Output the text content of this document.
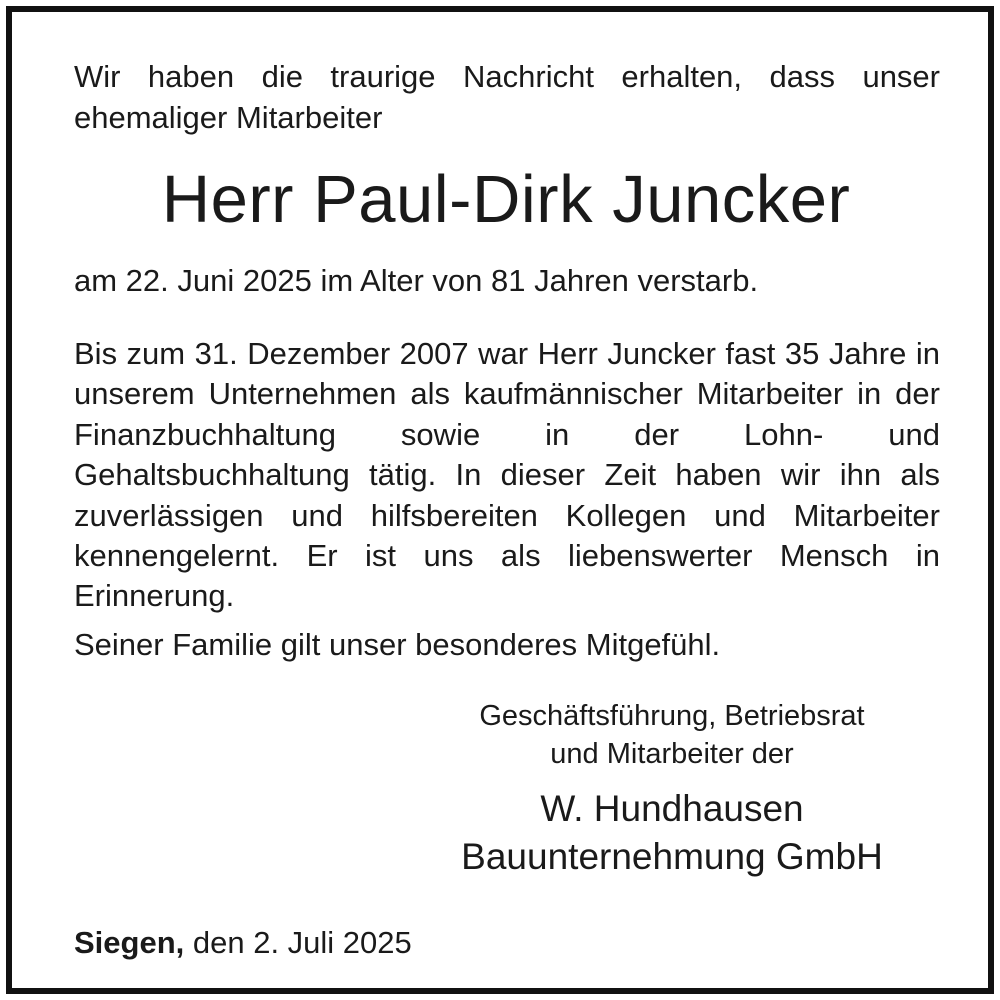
Wir haben die traurige Nachricht erhalten, dass unser
ehemaliger Mitarbeiter

Herr Paul-Dirk Juncker

am 22. Juni 2025 im Alter von 81 Jahren verstarb.

Bis zum 31. Dezember 2007 war Herr Juncker fast 35 Jahre in unserem Unternehmen als kaufmännischer Mitarbeiter in der Finanzbuchhaltung sowie in der Lohn- und Gehaltsbuchhaltung tätig. In dieser Zeit haben wir ihn als zuverlässigen und hilfsbereiten Kollegen und Mitarbeiter kennengelernt. Er ist uns als liebenswerter Mensch in Erinnerung.

Seiner Familie gilt unser besonderes Mitgefühl.

Geschäftsführung, Betriebsrat

und Mitarbeiter der

W. Hundhausen

Bauunternehmung GmbH

Siegen, den 2. Juli 2025
